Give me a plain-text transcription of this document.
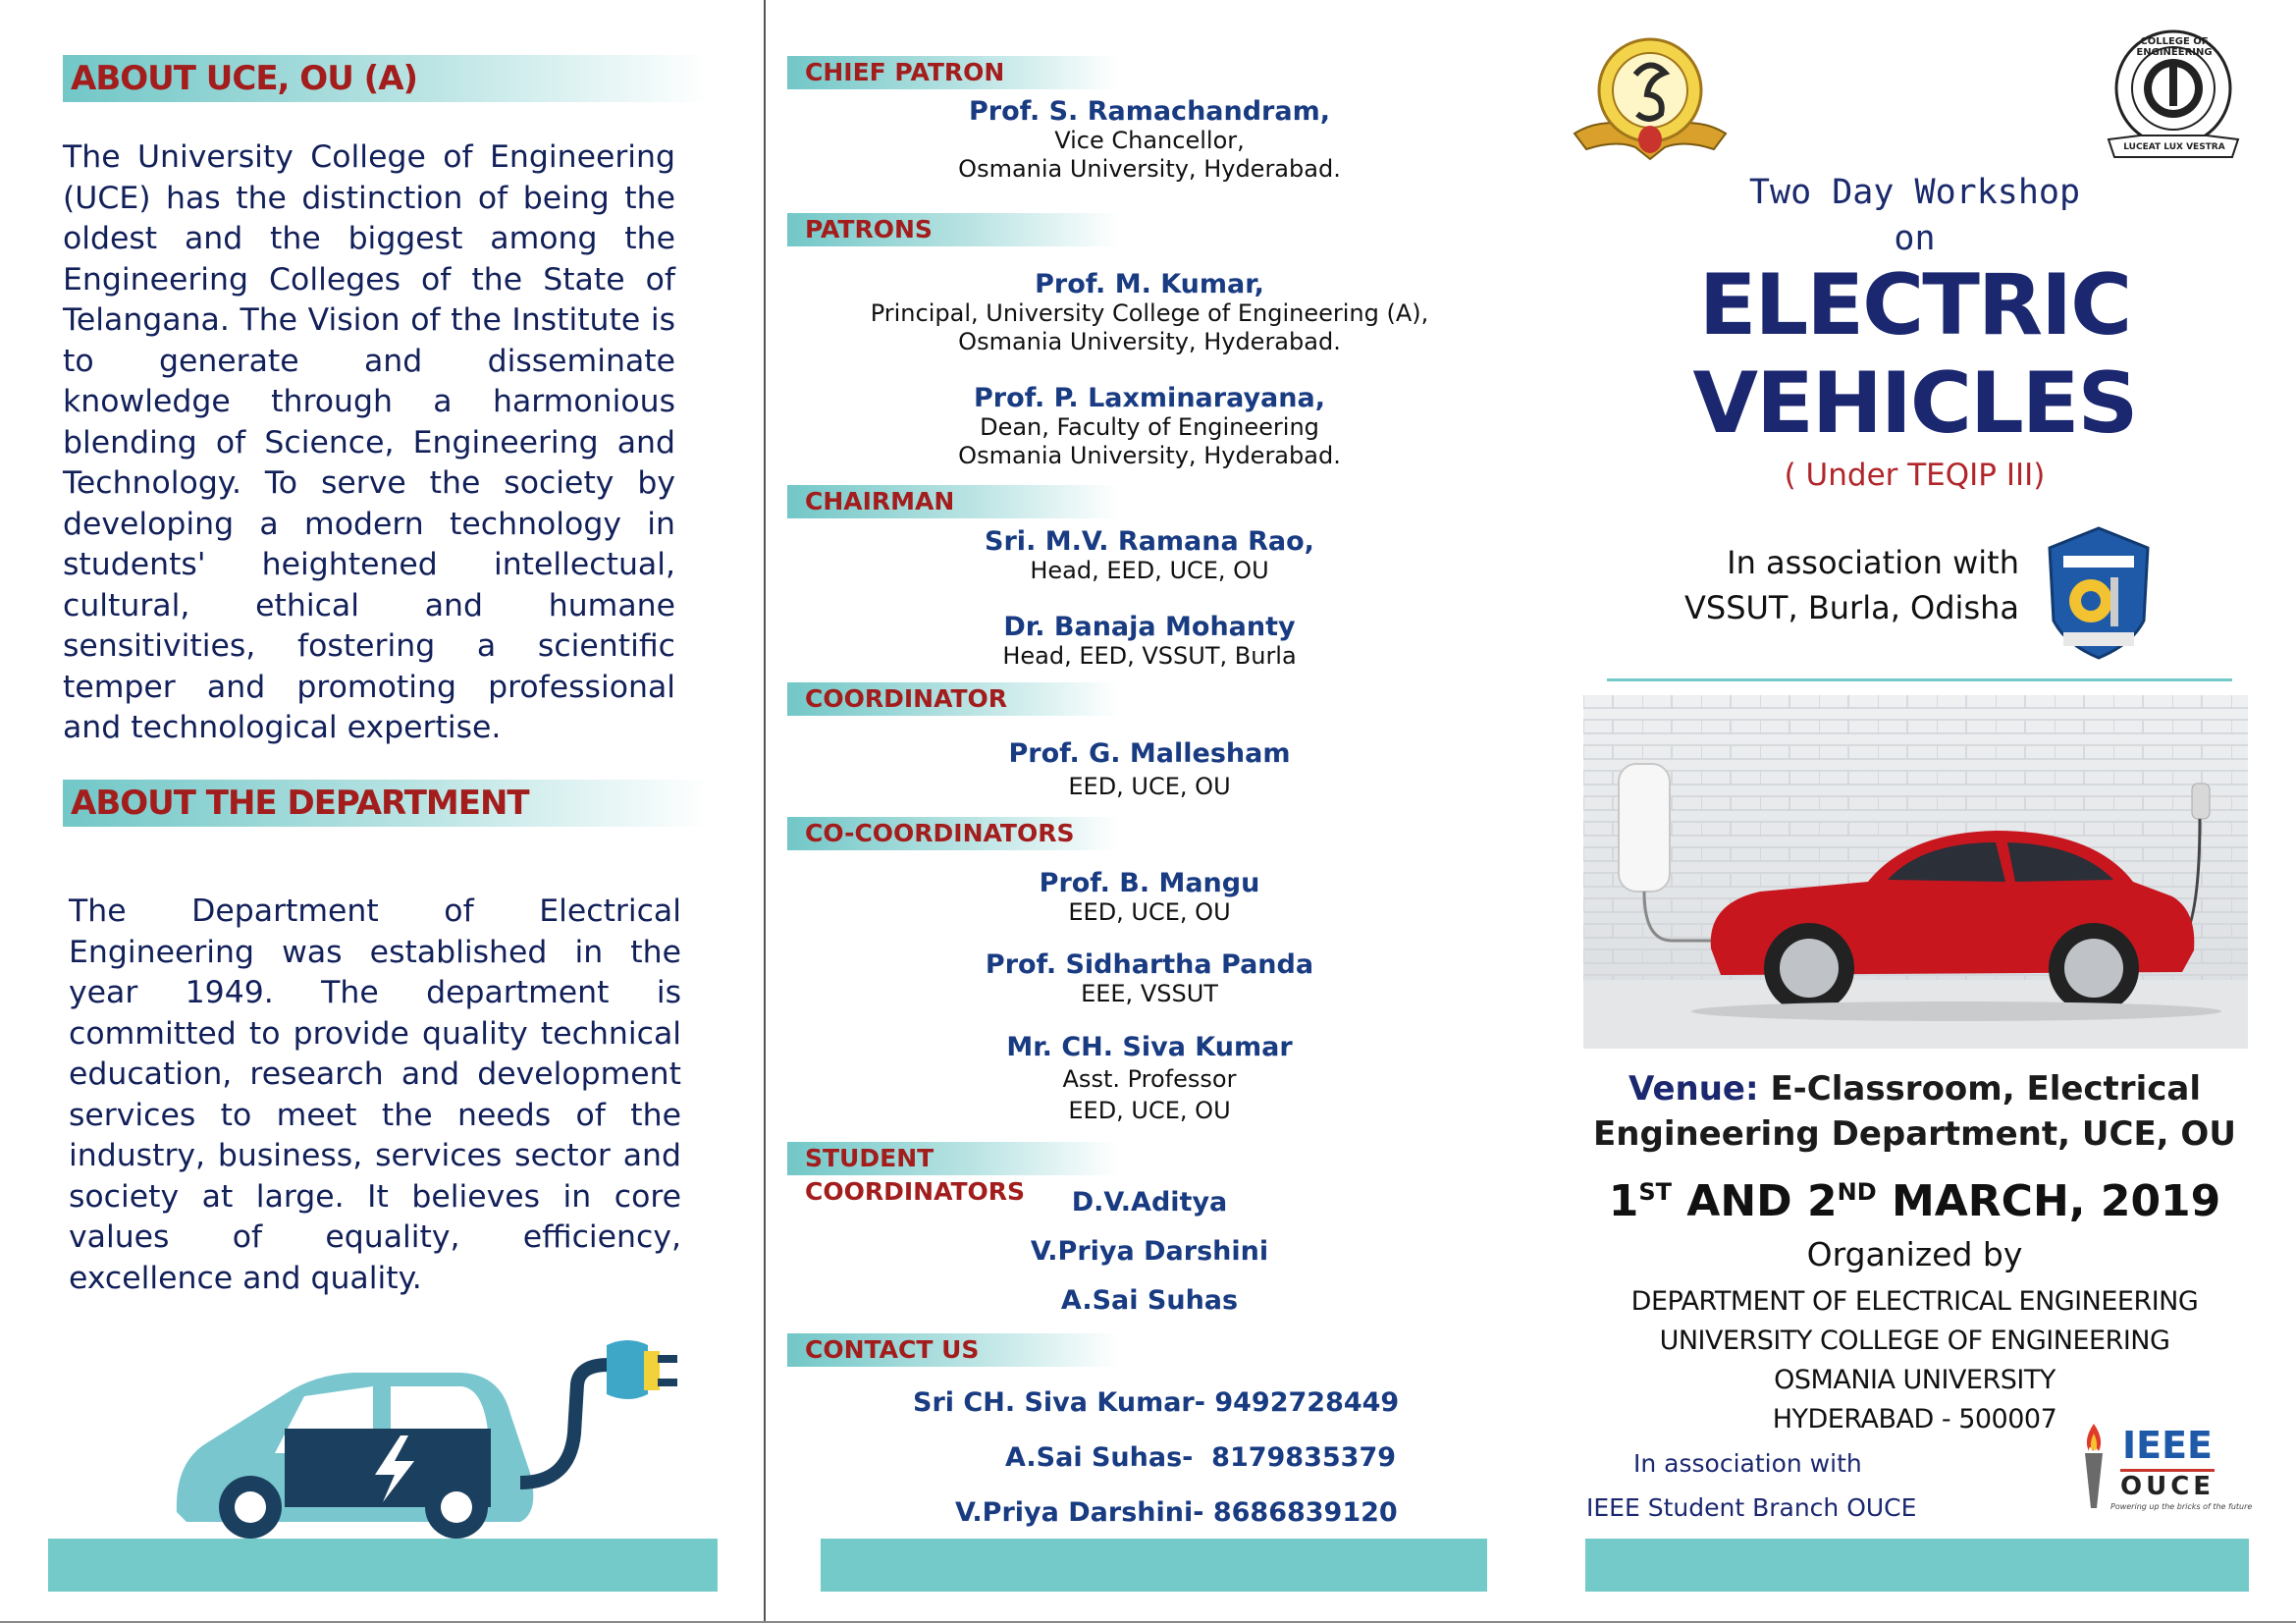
ABOUT UCE, OU (A)
The University College of Engineering (UCE) has the distinction of being the oldest and the biggest among the Engineering Colleges of the State of Telangana. The Vision of the Institute is to generate and disseminate knowledge through a harmonious blending of Science, Engineering and Technology. To serve the society by developing a modern technology in students' heightened intellectual, cultural, ethical and humane sensitivities, fostering a scientific temper and promoting professional and technological expertise.
ABOUT THE DEPARTMENT
The Department of Electrical Engineering was established in the year 1949. The department is committed to provide quality technical education, research and development services to meet the needs of the industry, business, services sector and society at large. It believes in core values of equality, efficiency, excellence and quality.
CHIEF PATRON
Prof. S. Ramachandram,
Vice Chancellor,
Osmania University, Hyderabad.
PATRONS
Prof. M. Kumar,
Principal, University College of Engineering (A),
Osmania University, Hyderabad.
Prof. P. Laxminarayana,
Dean, Faculty of Engineering
Osmania University, Hyderabad.
CHAIRMAN
Sri. M.V. Ramana Rao,
Head, EED, UCE, OU
Dr. Banaja Mohanty
Head, EED, VSSUT, Burla
COORDINATOR
Prof. G. Mallesham
EED, UCE, OU
CO-COORDINATORS
Prof. B. Mangu
EED, UCE, OU
Prof. Sidhartha Panda
EEE, VSSUT
Mr. CH. Siva Kumar
Asst. Professor
EED, UCE, OU
STUDENT COORDINATORS	D.V.Aditya
V.Priya Darshini
A.Sai Suhas
CONTACT US
Sri CH. Siva Kumar- 9492728449
A.Sai Suhas-  8179835379
V.Priya Darshini- 8686839120
COLLEGE OF ENGINEERING
LUCEAT LUX VESTRA
Two Day Workshop
on
ELECTRIC
VEHICLES
( Under TEQIP III)
In association with
VSSUT, Burla, Odisha
Venue: E-Classroom, Electrical
Engineering Department, UCE, OU
1ST AND 2ND MARCH, 2019
Organized by
DEPARTMENT OF ELECTRICAL ENGINEERING
UNIVERSITY COLLEGE OF ENGINEERING
OSMANIA UNIVERSITY
HYDERABAD - 500007
In association with
IEEE Student Branch OUCE
IEEE
OUCE
Powering up the bricks of the future
